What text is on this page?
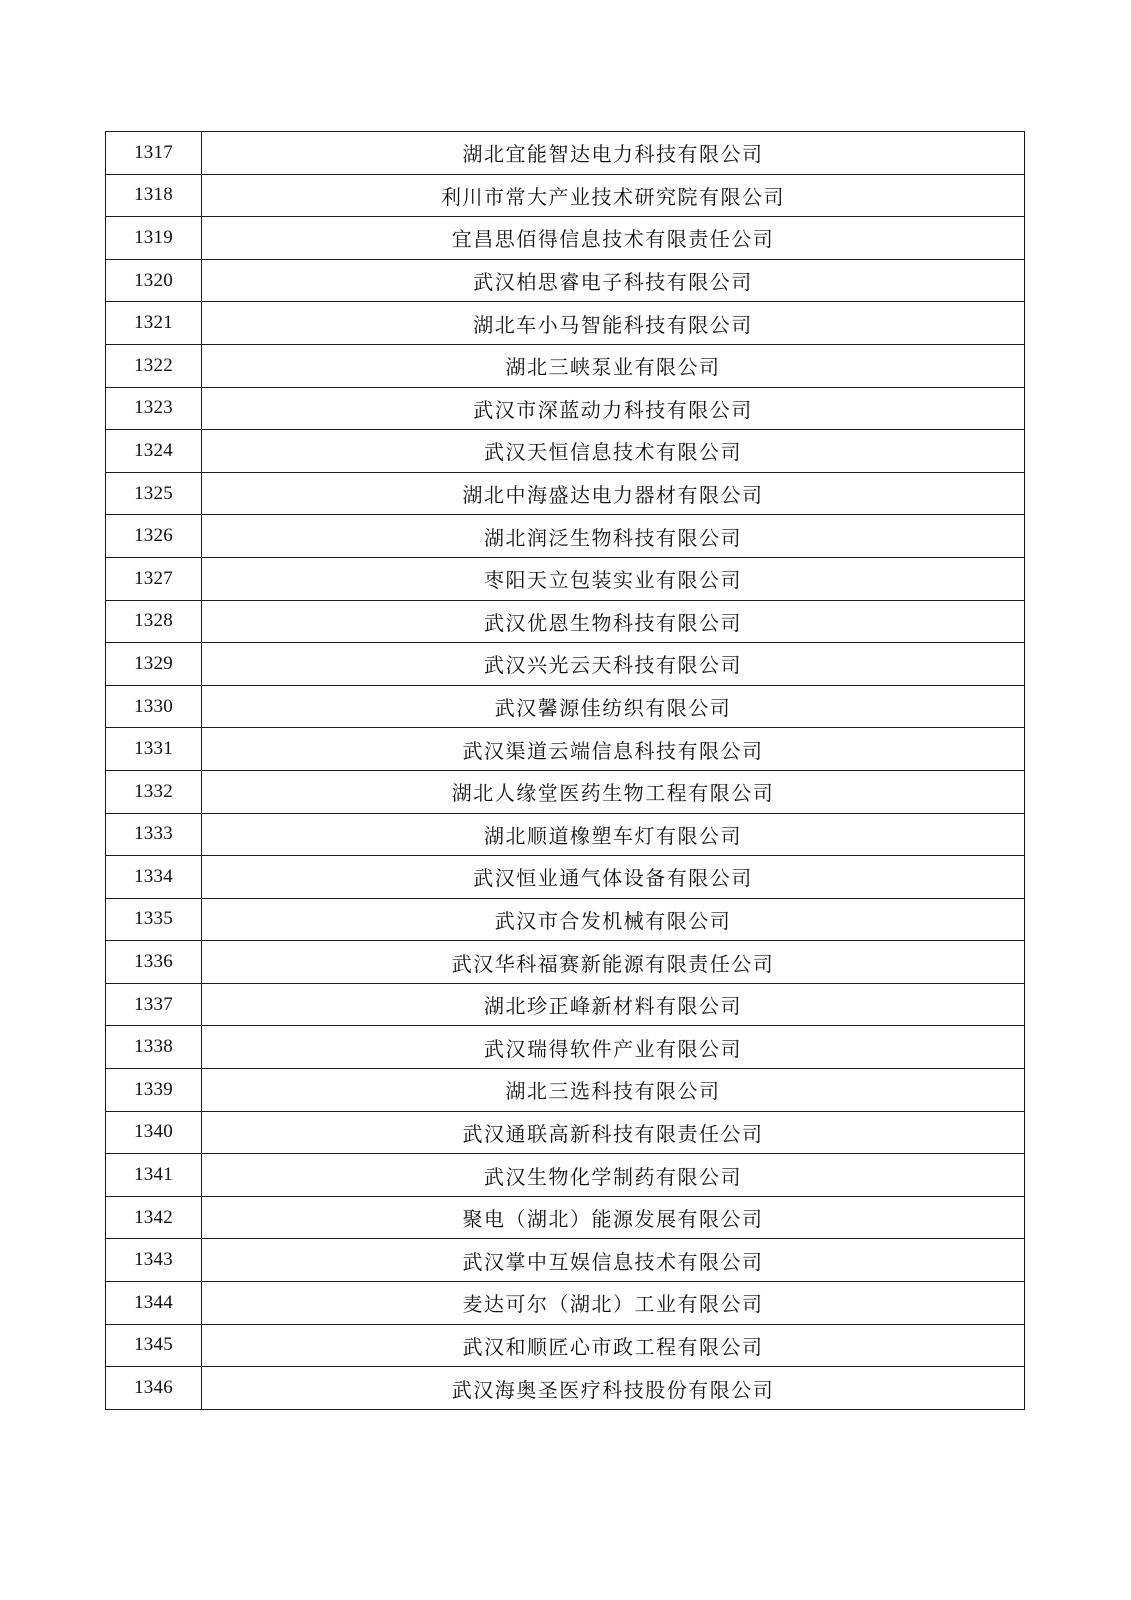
1317	湖北宜能智达电力科技有限公司
1318	利川市常大产业技术研究院有限公司
1319	宜昌思佰得信息技术有限责任公司
1320	武汉柏思睿电子科技有限公司
1321	湖北车小马智能科技有限公司
1322	湖北三峡泵业有限公司
1323	武汉市深蓝动力科技有限公司
1324	武汉天恒信息技术有限公司
1325	湖北中海盛达电力器材有限公司
1326	湖北润泛生物科技有限公司
1327	枣阳天立包装实业有限公司
1328	武汉优恩生物科技有限公司
1329	武汉兴光云天科技有限公司
1330	武汉馨源佳纺织有限公司
1331	武汉渠道云端信息科技有限公司
1332	湖北人缘堂医药生物工程有限公司
1333	湖北顺道橡塑车灯有限公司
1334	武汉恒业通气体设备有限公司
1335	武汉市合发机械有限公司
1336	武汉华科福赛新能源有限责任公司
1337	湖北珍正峰新材料有限公司
1338	武汉瑞得软件产业有限公司
1339	湖北三选科技有限公司
1340	武汉通联高新科技有限责任公司
1341	武汉生物化学制药有限公司
1342	聚电（湖北）能源发展有限公司
1343	武汉掌中互娱信息技术有限公司
1344	麦达可尔（湖北）工业有限公司
1345	武汉和顺匠心市政工程有限公司
1346	武汉海奥圣医疗科技股份有限公司
